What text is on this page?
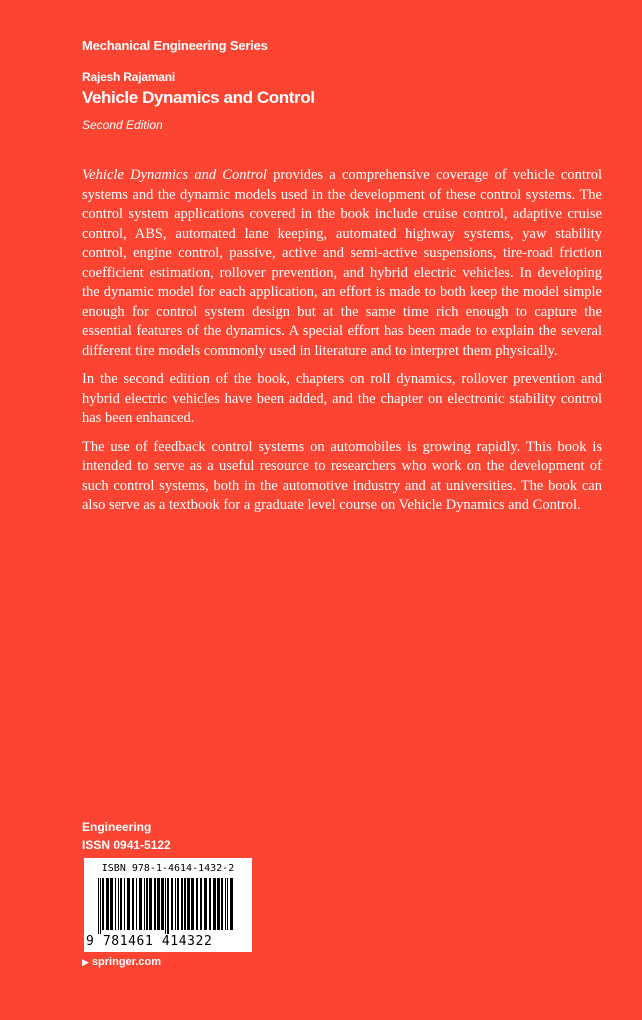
Mechanical Engineering Series
Rajesh Rajamani
Vehicle Dynamics and Control
Second Edition

Vehicle Dynamics and Control provides a comprehensive coverage of vehicle control systems and the dynamic models used in the development of these control systems. The control system applications covered in the book include cruise control, adaptive cruise control, ABS, automated lane keeping, automated highway systems, yaw stability control, engine control, passive, active and semi-active suspensions, tire-road friction coefficient estimation, rollover prevention, and hybrid electric vehicles. In developing the dynamic model for each application, an effort is made to both keep the model simple enough for control system design but at the same time rich enough to capture the essential features of the dynamics. A special effort has been made to explain the several different tire models commonly used in literature and to interpret them physically.

In the second edition of the book, chapters on roll dynamics, rollover prevention and hybrid electric vehicles have been added, and the chapter on electronic stability control has been enhanced.

The use of feedback control systems on automobiles is growing rapidly. This book is intended to serve as a useful resource to researchers who work on the development of such control systems, both in the automotive industry and at universities. The book can also serve as a textbook for a graduate level course on Vehicle Dynamics and Control.

Engineering
ISSN 0941-5122
ISBN 978-1-4614-1432-2
9 781461 414322
▶ springer.com
